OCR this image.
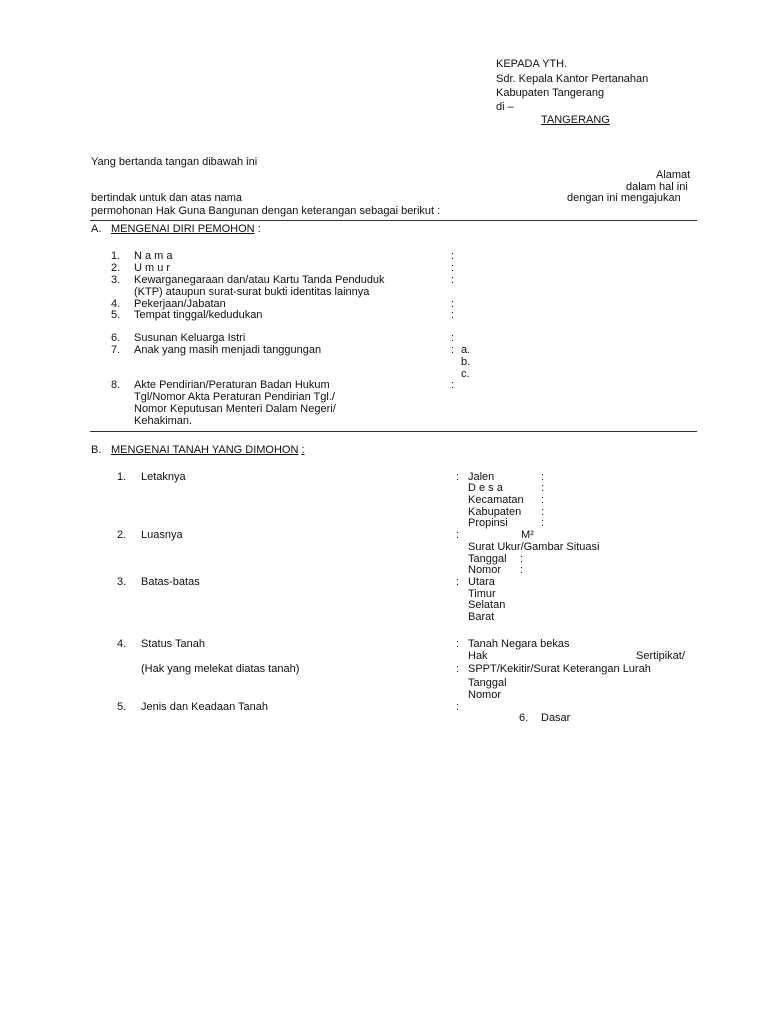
KEPADA YTH.
Sdr. Kepala Kantor Pertanahan
Kabupaten Tangerang
di –
TANGERANG
Yang bertanda tangan dibawah ini
Alamat
dalam hal ini
bertindak untuk dan atas nama	dengan ini mengajukan
permohonan Hak Guna Bangunan dengan keterangan sebagai berikut :
A. MENGENAI DIRI PEMOHON :
1. N a m a	:
2. U m u r	:
3. Kewarganegaraan dan/atau Kartu Tanda Penduduk
(KTP) ataupun surat-surat bukti identitas lainnya
:
4. Pekerjaan/Jabatan	:
5. Tempat tinggal/kedudukan	:
6. Susunan Keluarga Istri	:
7. Anak yang masih menjadi tanggungan	: a.
b.
c.
8. Akte Pendirian/Peraturan Badan Hukum
Tgl/Nomor Akta Peraturan Pendirian Tgl./
Nomor Keputusan Menteri Dalam Negeri/
Kehakiman.
:
B. MENGENAI TANAH YANG DIMOHON :
1. Letaknya	: Jalen	:
D e s a	:
Kecamatan :
Kabupaten :
Propinsi	:
2. Luasnya	:	M²
Surat Ukur/Gambar Situasi
Tanggal :
Nomor :
3. Batas-batas	: Utara
Timur
Selatan
Barat
4. Status Tanah	: Tanah Negara bekas
Hak	Sertipikat/
(Hak yang melekat diatas tanah)	: SPPT/Kekitir/Surat Keterangan Lurah
Tanggal
Nomor
5. Jenis dan Keadaan Tanah	:
6. Dasar
